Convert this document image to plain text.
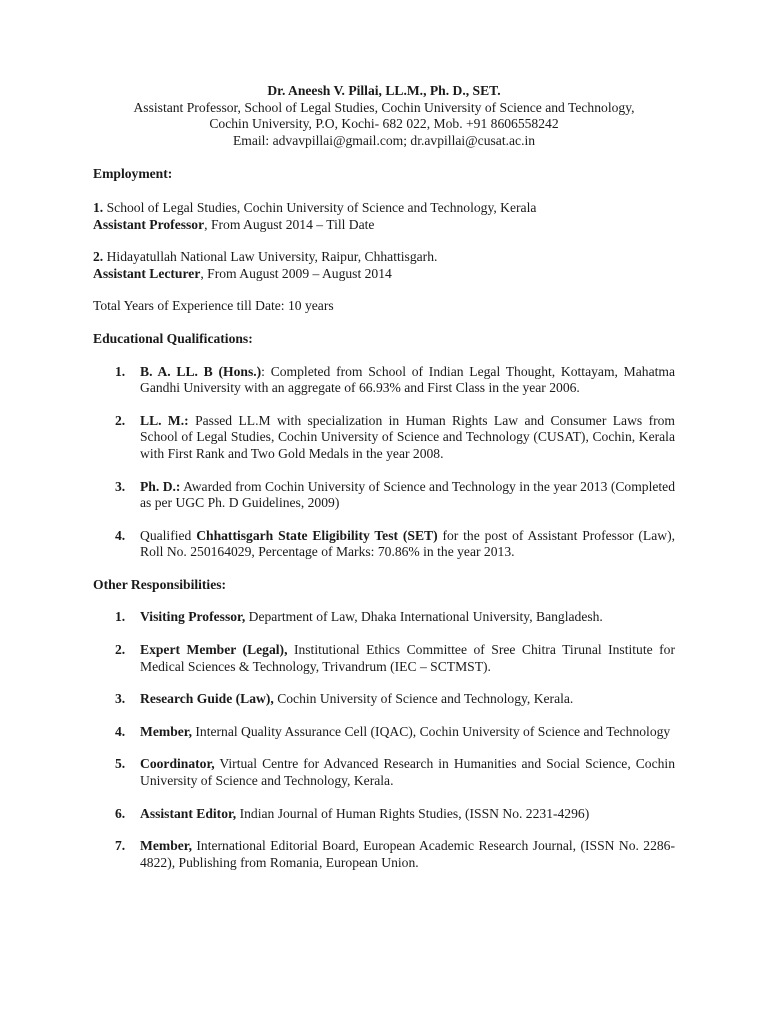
Dr. Aneesh V. Pillai, LL.M., Ph. D., SET.
Assistant Professor, School of Legal Studies, Cochin University of Science and Technology,
Cochin University, P.O, Kochi- 682 022, Mob. +91 8606558242
Email: advavpillai@gmail.com; dr.avpillai@cusat.ac.in
Employment:
1. School of Legal Studies, Cochin University of Science and Technology, Kerala
Assistant Professor, From August 2014 – Till Date
2. Hidayatullah National Law University, Raipur, Chhattisgarh.
Assistant Lecturer, From August 2009 – August 2014
Total Years of Experience till Date: 10 years
Educational Qualifications:
1. B. A. LL. B (Hons.): Completed from School of Indian Legal Thought, Kottayam, Mahatma Gandhi University with an aggregate of 66.93% and First Class in the year 2006.
2. LL. M.: Passed LL.M with specialization in Human Rights Law and Consumer Laws from School of Legal Studies, Cochin University of Science and Technology (CUSAT), Cochin, Kerala with First Rank and Two Gold Medals in the year 2008.
3. Ph. D.: Awarded from Cochin University of Science and Technology in the year 2013 (Completed as per UGC Ph. D Guidelines, 2009)
4. Qualified Chhattisgarh State Eligibility Test (SET) for the post of Assistant Professor (Law), Roll No. 250164029, Percentage of Marks: 70.86% in the year 2013.
Other Responsibilities:
1. Visiting Professor, Department of Law, Dhaka International University, Bangladesh.
2. Expert Member (Legal), Institutional Ethics Committee of Sree Chitra Tirunal Institute for Medical Sciences & Technology, Trivandrum (IEC – SCTMST).
3. Research Guide (Law), Cochin University of Science and Technology, Kerala.
4. Member, Internal Quality Assurance Cell (IQAC), Cochin University of Science and Technology
5. Coordinator, Virtual Centre for Advanced Research in Humanities and Social Science, Cochin University of Science and Technology, Kerala.
6. Assistant Editor, Indian Journal of Human Rights Studies, (ISSN No. 2231-4296)
7. Member, International Editorial Board, European Academic Research Journal, (ISSN No. 2286-4822), Publishing from Romania, European Union.
